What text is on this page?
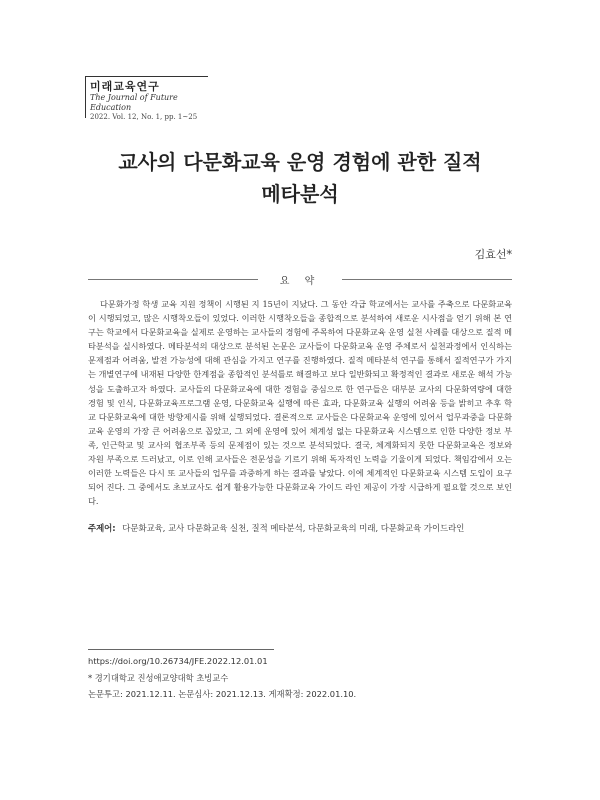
미래교육연구
The Journal of Future Education
2022. Vol. 12, No. 1, pp. 1~25
교사의 다문화교육 운영 경험에 관한 질적
메타분석
김효선*
요 약
다문화가정 학생 교육 지원 정책이 시행된 지 15년이 지났다. 그 동안 각급 학교에서는 교사를 주축으로 다문화교육이 시행되었고, 많은 시행착오들이 있었다. 이러한 시행착오들을 종합적으로 분석하여 새로운 시사점을 얻기 위해 본 연구는 학교에서 다문화교육을 실제로 운영하는 교사들의 경험에 주목하여 다문화교육 운영 실천 사례를 대상으로 질적 메타분석을 실시하였다. 메타분석의 대상으로 분석된 논문은 교사들이 다문화교육 운영 주체로서 실천과정에서 인식하는 문제점과 어려움, 발전 가능성에 대해 관심을 가지고 연구를 진행하였다. 질적 메타분석 연구를 통해서 질적연구가 가지는 개별연구에 내재된 다양한 한계점을 종합적인 분석틀로 해결하고 보다 일반화되고 확정적인 결과로 새로운 해석 가능성을 도출하고자 하였다. 교사들의 다문화교육에 대한 경험을 중심으로 한 연구들은 대부분 교사의 다문화역량에 대한 경험 및 인식, 다문화교육프로그램 운영, 다문화교육 실행에 따른 효과, 다문화교육 실행의 어려움 등을 밝히고 추후 학교 다문화교육에 대한 방향제시를 위해 실행되었다. 결론적으로 교사들은 다문화교육 운영에 있어서 업무과중을 다문화교육 운영의 가장 큰 어려움으로 꼽았고, 그 외에 운영에 있어 체계성 없는 다문화교육 시스템으로 인한 다양한 정보 부족, 인근학교 및 교사의 협조부족 등의 문제점이 있는 것으로 분석되었다. 결국, 체계화되지 못한 다문화교육은 정보와 자원 부족으로 드러났고, 이로 인해 교사들은 전문성을 기르기 위해 독자적인 노력을 기울이게 되었다. 책임감에서 오는 이러한 노력들은 다시 또 교사들의 업무를 과중하게 하는 결과를 낳았다. 이에 체계적인 다문화교육 시스템 도입이 요구되어 진다. 그 중에서도 초보교사도 쉽게 활용가능한 다문화교육 가이드 라인 제공이 가장 시급하게 필요할 것으로 보인다.
주제어: 다문화교육, 교사 다문화교육 실천, 질적 메타분석, 다문화교육의 미래, 다문화교육 가이드라인
https://doi.org/10.26734/JFE.2022.12.01.01
* 경기대학교 진성애교양대학 초빙교수
논문투고: 2021.12.11. 논문심사: 2021.12.13. 게재확정: 2022.01.10.
